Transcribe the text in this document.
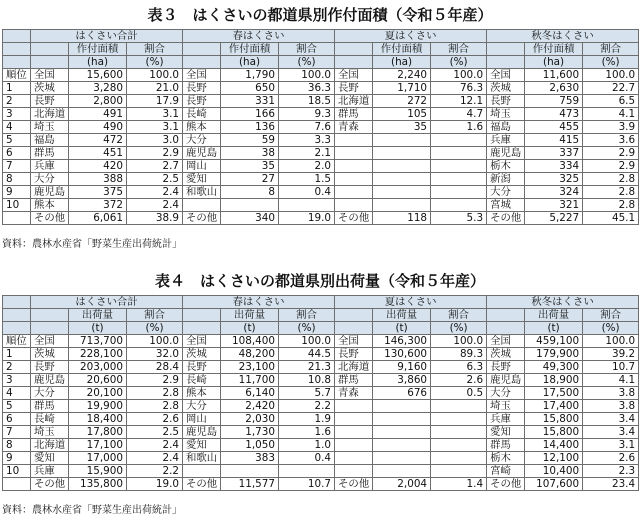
表３　はくさいの都道県別作付面積（令和５年産）
	はくさい合計			春はくさい			夏はくさい			秋冬はくさい		
		作付面積	割合		作付面積	割合		作付面積	割合		作付面積	割合
		(ha)	(%)		(ha)	(%)		(ha)	(%)		(ha)	(%)
順位	全国	15,600	100.0	全国	1,790	100.0	全国	2,240	100.0	全国	11,600	100.0
1	茨城	3,280	21.0	長野	650	36.3	長野	1,710	76.3	茨城	2,630	22.7
2	長野	2,800	17.9	長野	331	18.5	北海道	272	12.1	長野	759	6.5
3	北海道	491	3.1	長崎	166	9.3	群馬	105	4.7	埼玉	473	4.1
4	埼玉	490	3.1	熊本	136	7.6	青森	35	1.6	福島	455	3.9
5	福島	472	3.0	大分	59	3.3				兵庫	415	3.6
6	群馬	451	2.9	鹿児島	38	2.1				鹿児島	337	2.9
7	兵庫	420	2.7	岡山	35	2.0				栃木	334	2.9
8	大分	388	2.5	愛知	27	1.5				新潟	325	2.8
9	鹿児島	375	2.4	和歌山	8	0.4				大分	324	2.8
10	熊本	372	2.4							宮城	321	2.8
	その他	6,061	38.9	その他	340	19.0	その他	118	5.3	その他	5,227	45.1
資料：農林水産省「野菜生産出荷統計」
表４　はくさいの都道県別出荷量（令和５年産）
	はくさい合計			春はくさい			夏はくさい			秋冬はくさい		
		出荷量	割合		出荷量	割合		出荷量	割合		出荷量	割合
		(t)	(%)		(t)	(%)		(t)	(%)		(t)	(%)
順位	全国	713,700	100.0	全国	108,400	100.0	全国	146,300	100.0	全国	459,100	100.0
1	茨城	228,100	32.0	茨城	48,200	44.5	長野	130,600	89.3	茨城	179,900	39.2
2	長野	203,000	28.4	長野	23,100	21.3	北海道	9,160	6.3	長野	49,300	10.7
3	鹿児島	20,600	2.9	長崎	11,700	10.8	群馬	3,860	2.6	鹿児島	18,900	4.1
4	大分	20,100	2.8	熊本	6,140	5.7	青森	676	0.5	大分	17,500	3.8
5	群馬	19,900	2.8	大分	2,420	2.2				埼玉	17,400	3.8
6	長崎	18,400	2.6	岡山	2,030	1.9				兵庫	15,800	3.4
7	埼玉	17,800	2.5	鹿児島	1,730	1.6				愛知	15,800	3.4
8	北海道	17,100	2.4	愛知	1,050	1.0				群馬	14,400	3.1
9	愛知	17,000	2.4	和歌山	383	0.4				栃木	12,100	2.6
10	兵庫	15,900	2.2							宮崎	10,400	2.3
	その他	135,800	19.0	その他	11,577	10.7	その他	2,004	1.4	その他	107,600	23.4
資料：農林水産省「野菜生産出荷統計」
